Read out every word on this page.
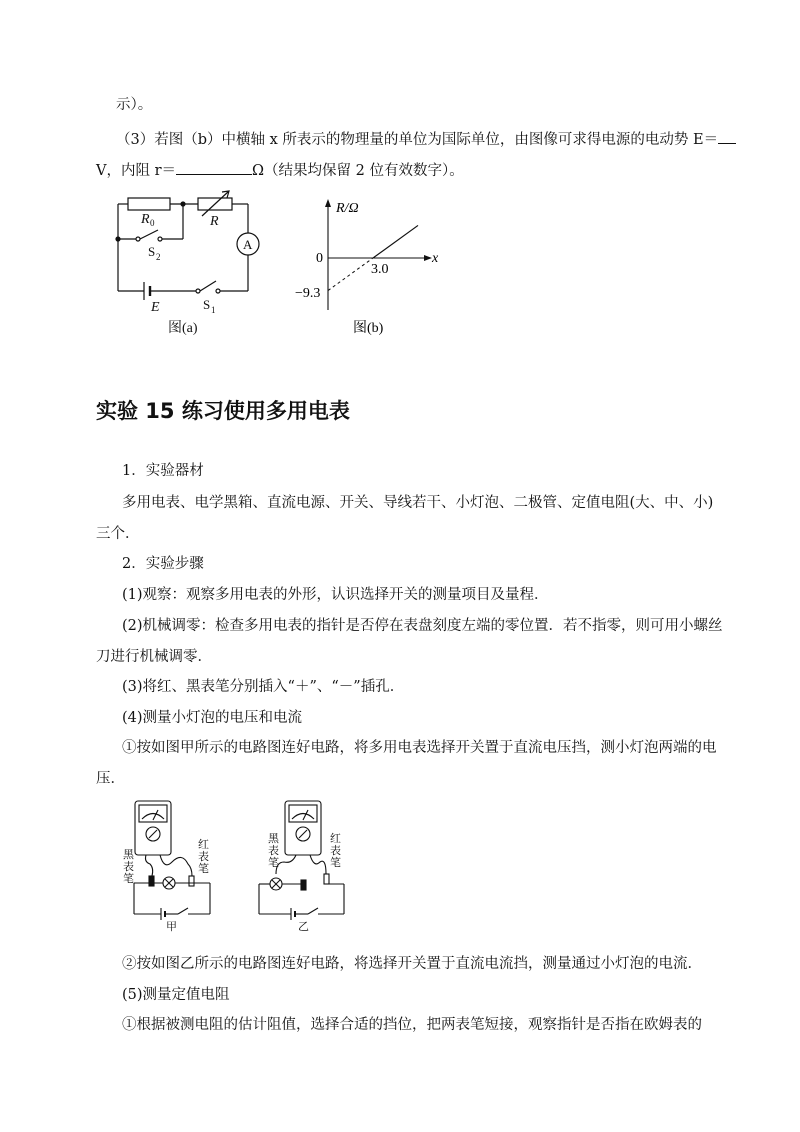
示）。
（3）若图（b）中横轴 x 所表示的物理量的单位为国际单位，由图像可求得电源的电动势 E＝
V，内阻 r＝	Ω（结果均保留 2 位有效数字）。
R 0	R
S 2
A
E	S 1
图(a)
R/Ω
x
0
3.0
−9.3
图(b)
实验 15 练习使用多用电表
1．实验器材
多用电表、电学黑箱、直流电源、开关、导线若干、小灯泡、二极管、定值电阻(大、中、小)
三个．
2．实验步骤
(1)观察：观察多用电表的外形，认识选择开关的测量项目及量程．
(2)机械调零：检查多用电表的指针是否停在表盘刻度左端的零位置．若不指零，则可用小螺丝
刀进行机械调零．
(3)将红、黑表笔分别插入“＋”、“－”插孔．
(4)测量小灯泡的电压和电流
①按如图甲所示的电路图连好电路，将多用电表选择开关置于直流电压挡，测小灯泡两端的电
压．
黑
表
笔
红
表
笔
甲
黑
表
笔
红
表
笔
乙
②按如图乙所示的电路图连好电路，将选择开关置于直流电流挡，测量通过小灯泡的电流．
(5)测量定值电阻
①根据被测电阻的估计阻值，选择合适的挡位，把两表笔短接，观察指针是否指在欧姆表的
